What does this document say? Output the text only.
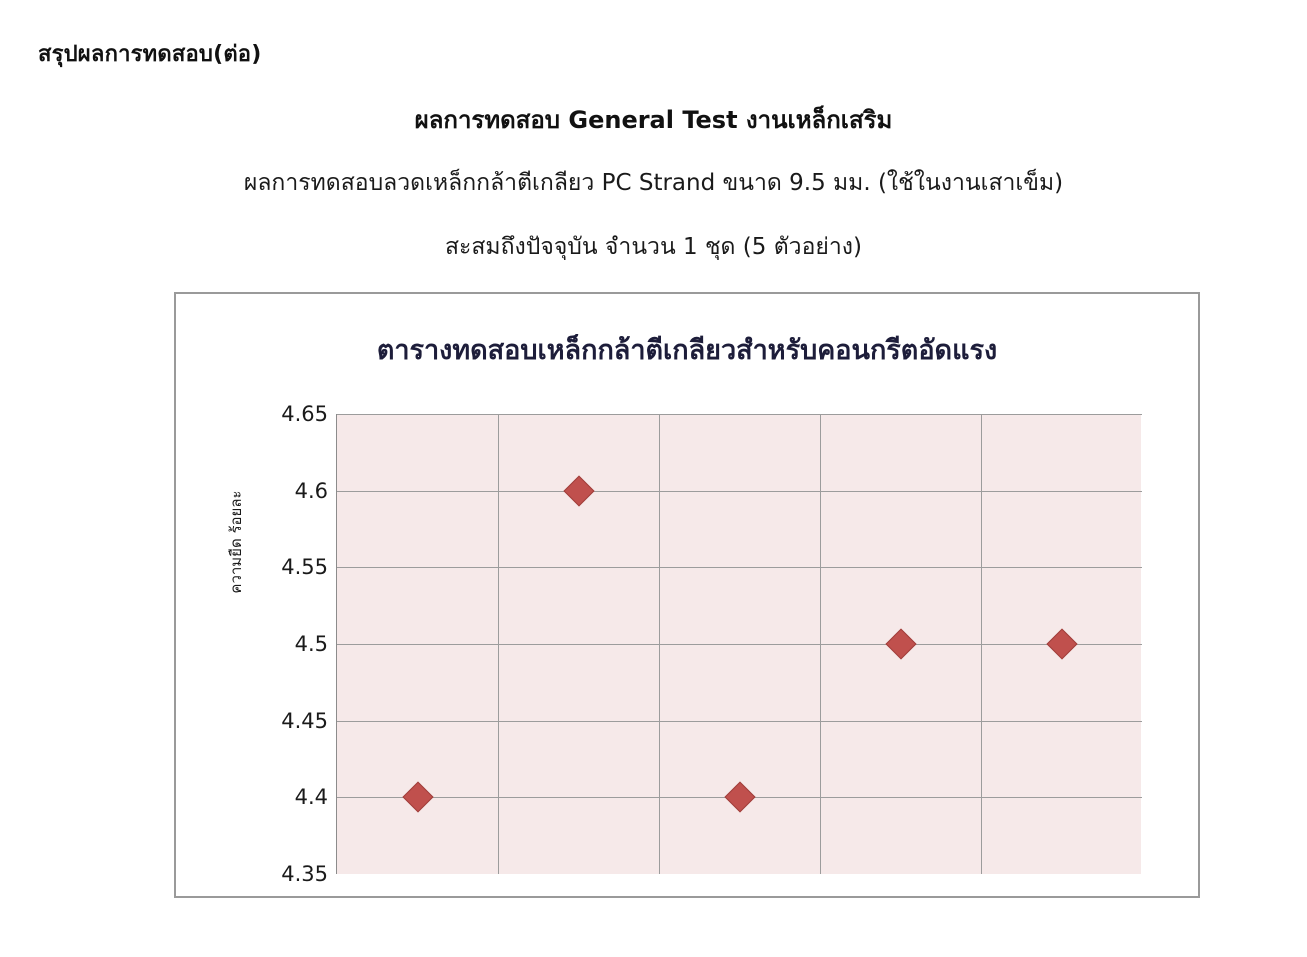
สรุปผลการทดสอบ(ต่อ)
ผลการทดสอบ General Test งานเหล็กเสริม
ผลการทดสอบลวดเหล็กกล้าตีเกลียว PC Strand ขนาด 9.5 มม. (ใช้ในงานเสาเข็ม)
สะสมถึงปัจจุบัน จำนวน 1 ชุด (5 ตัวอย่าง)
ตารางทดสอบเหล็กกล้าตีเกลียวสำหรับคอนกรีตอัดแรง
ความยืด ร้อยละ
4.65
4.6
4.55
4.5
4.45
4.4
4.35
